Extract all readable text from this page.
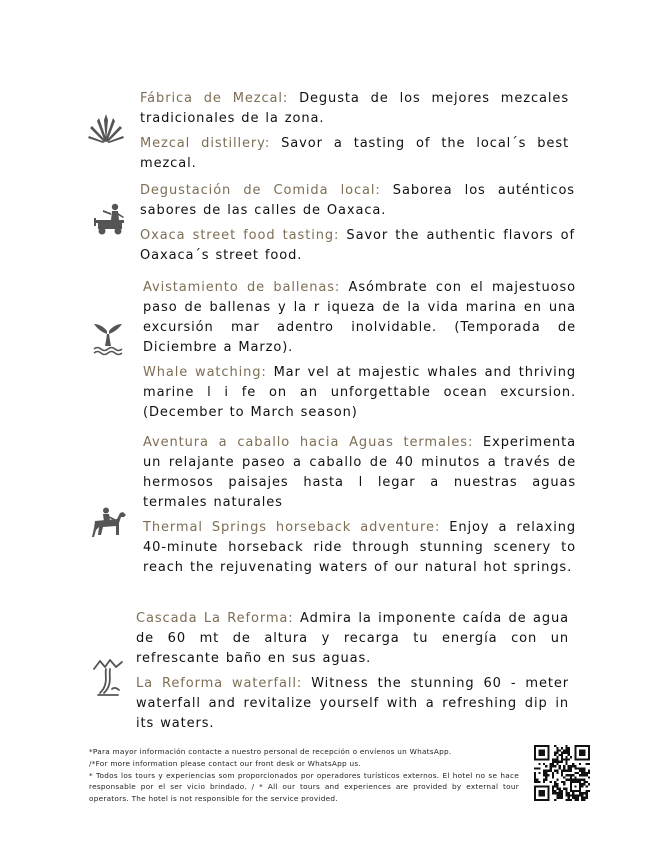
Fábrica de Mezcal: Degusta de los mejores mezcales tradicionales de la zona.

Mezcal distillery: Savor a tasting of the local´s best mezcal.

Degustación de Comida local: Saborea los auténticos sabores de las calles de Oaxaca.

Oxaca street food tasting: Savor the authentic flavors of Oaxaca´s street food.

Avistamiento de ballenas: Asómbrate con el majestuoso paso de ballenas y la r iqueza de la vida marina en una excursión mar adentro inolvidable. (Temporada de Diciembre a Marzo).

Whale watching: Mar vel at majestic whales and thriving marine l i fe on an unforgettable ocean excursion. (December to March season)

Aventura a caballo hacia Aguas termales: Experimenta un relajante paseo a caballo de 40 minutos a través de hermosos paisajes hasta l legar a nuestras aguas termales naturales

Thermal Springs horseback adventure: Enjoy a relaxing 40-minute horseback ride through stunning scenery to reach the rejuvenating waters of our natural hot springs.

Cascada La Reforma: Admira la imponente caída de agua de 60 mt de altura y recarga tu energía con un refrescante baño en sus aguas.

La Reforma waterfall: Witness the stunning 60 - meter waterfall and revitalize yourself with a refreshing dip in its waters.

*Para mayor información contacte a nuestro personal de recepción o envíenos un WhatsApp.

/*For more information please contact our front desk or WhatsApp us.

* Todos los tours y experiencias som proporcionados por operadores turísticos externos. El hotel no se hace responsable por el ser vicio brindado. / * All our tours and experiences are provided by external tour operators. The hotel is not responsible for the service provided.
